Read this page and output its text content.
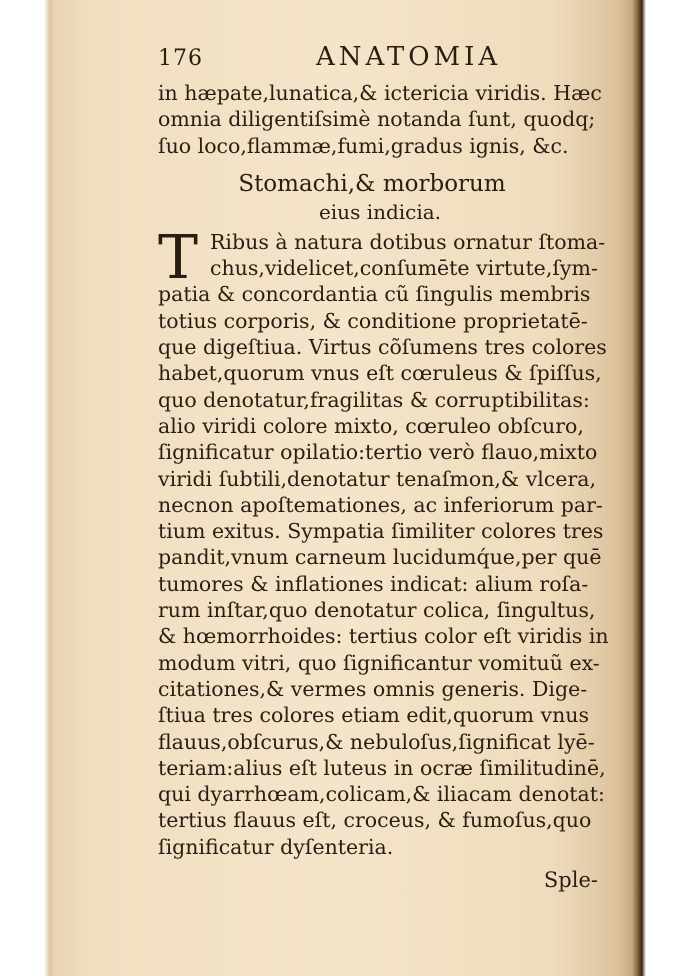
176	ANATOMIA
in hæpate,lunatica,& ictericia viridis. Hæc
omnia diligentiſsimè notanda ſunt, quodq;
ſuo loco,flammæ,fumi,gradus ignis, &c.
Stomachi,& morborum
eius indicia.
T Ribus à natura dotibus ornatur ſtoma-
chus,videlicet,conſumēte virtute,ſym-
patia & concordantia cũ ſingulis membris
totius corporis, & conditione proprietatē-
que digeſtiua. Virtus cõſumens tres colores
habet,quorum vnus eſt cœruleus & ſpiſſus,
quo denotatur,fragilitas & corruptibilitas:
alio viridi colore mixto, cœruleo obſcuro,
ſignificatur opilatio:tertio verò flauo,mixto
viridi ſubtili,denotatur tenaſmon,& vlcera,
necnon apoſtemationes, ac inferiorum par-
tium exitus. Sympatia ſimiliter colores tres
pandit,vnum carneum lucidumq́ue,per quē
tumores & inflationes indicat: alium roſa-
rum inſtar,quo denotatur colica, ſingultus,
& hœmorrhoides: tertius color eſt viridis in
modum vitri, quo ſignificantur vomituũ ex-
citationes,& vermes omnis generis. Dige-
ſtiua tres colores etiam edit,quorum vnus
flauus,obſcurus,& nebuloſus,ſignificat lyē-
teriam:alius eſt luteus in ocræ ſimilitudinē,
qui dyarrhœam,colicam,& iliacam denotat:
tertius flauus eſt, croceus, & fumoſus,quo
ſignificatur dyſenteria.
Sple-
